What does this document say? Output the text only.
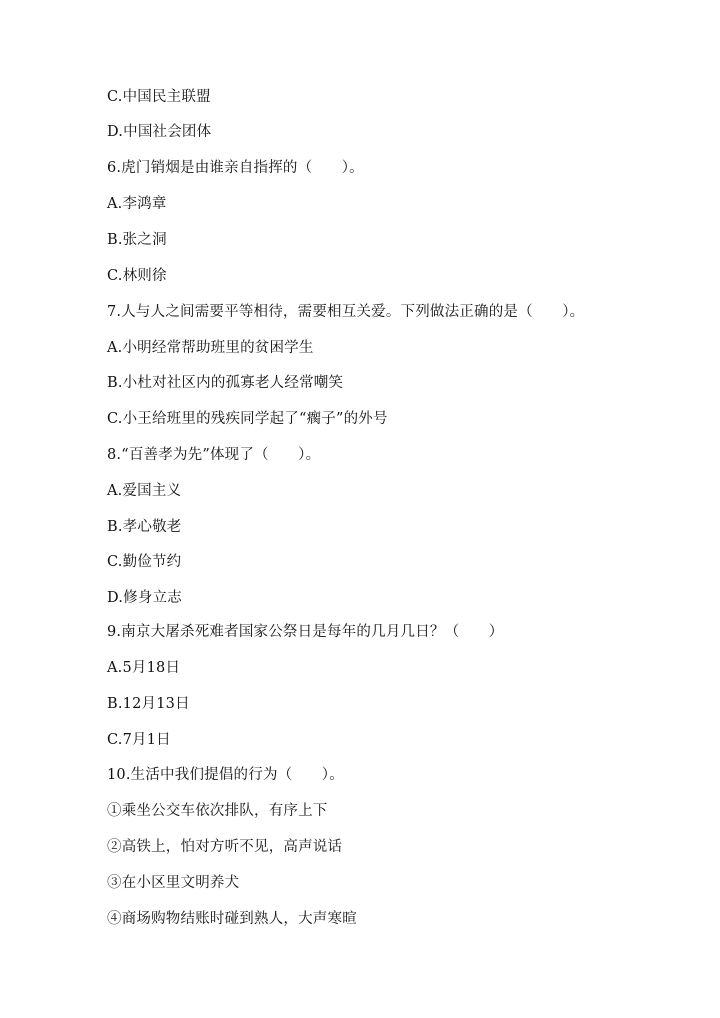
C.中国民主联盟
D.中国社会团体
6.虎门销烟是由谁亲自指挥的（　　）。
A.李鸿章
B.张之洞
C.林则徐
7.人与人之间需要平等相待，需要相互关爱。下列做法正确的是（　　）。
A.小明经常帮助班里的贫困学生
B.小杜对社区内的孤寡老人经常嘲笑
C.小王给班里的残疾同学起了“瘸子”的外号
8.“百善孝为先”体现了（　　）。
A.爱国主义
B.孝心敬老
C.勤俭节约
D.修身立志
9.南京大屠杀死难者国家公祭日是每年的几月几日？（　　）
A.5月18日
B.12月13日
C.7月1日
10.生活中我们提倡的行为（　　）。
①乘坐公交车依次排队，有序上下
②高铁上，怕对方听不见，高声说话
③在小区里文明养犬
④商场购物结账时碰到熟人，大声寒暄
